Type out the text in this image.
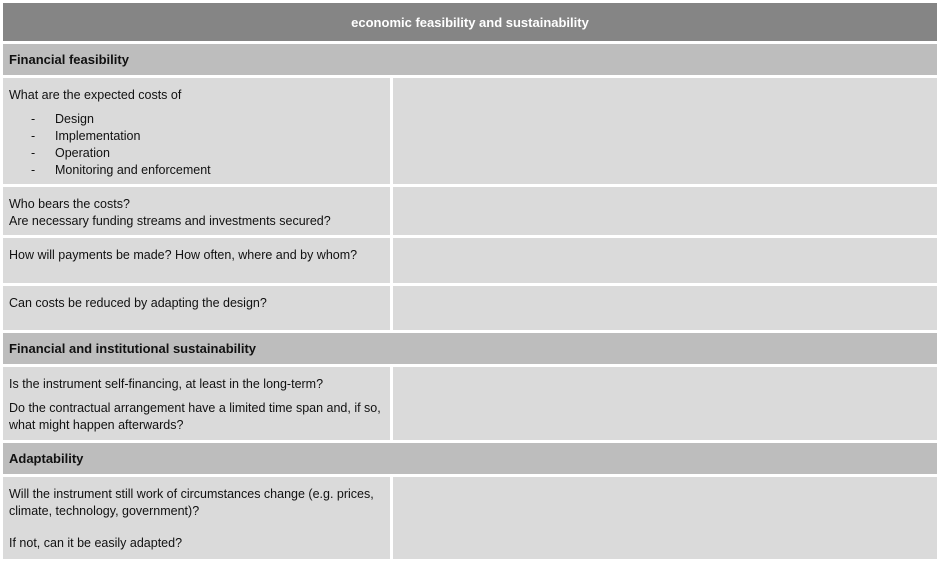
economic feasibility and sustainability
Financial feasibility
What are the expected costs of
- Design
- Implementation
- Operation
- Monitoring and enforcement
Who bears the costs?
Are necessary funding streams and investments secured?
How will payments be made? How often, where and by whom?
Can costs be reduced by adapting the design?
Financial and institutional sustainability

Is the instrument self-financing, at least in the long-term?

Do the contractual arrangement have a limited time span and, if so, what might happen afterwards?

Adaptability

Will the instrument still work of circumstances change (e.g. prices, climate, technology, government)?

If not, can it be easily adapted?
